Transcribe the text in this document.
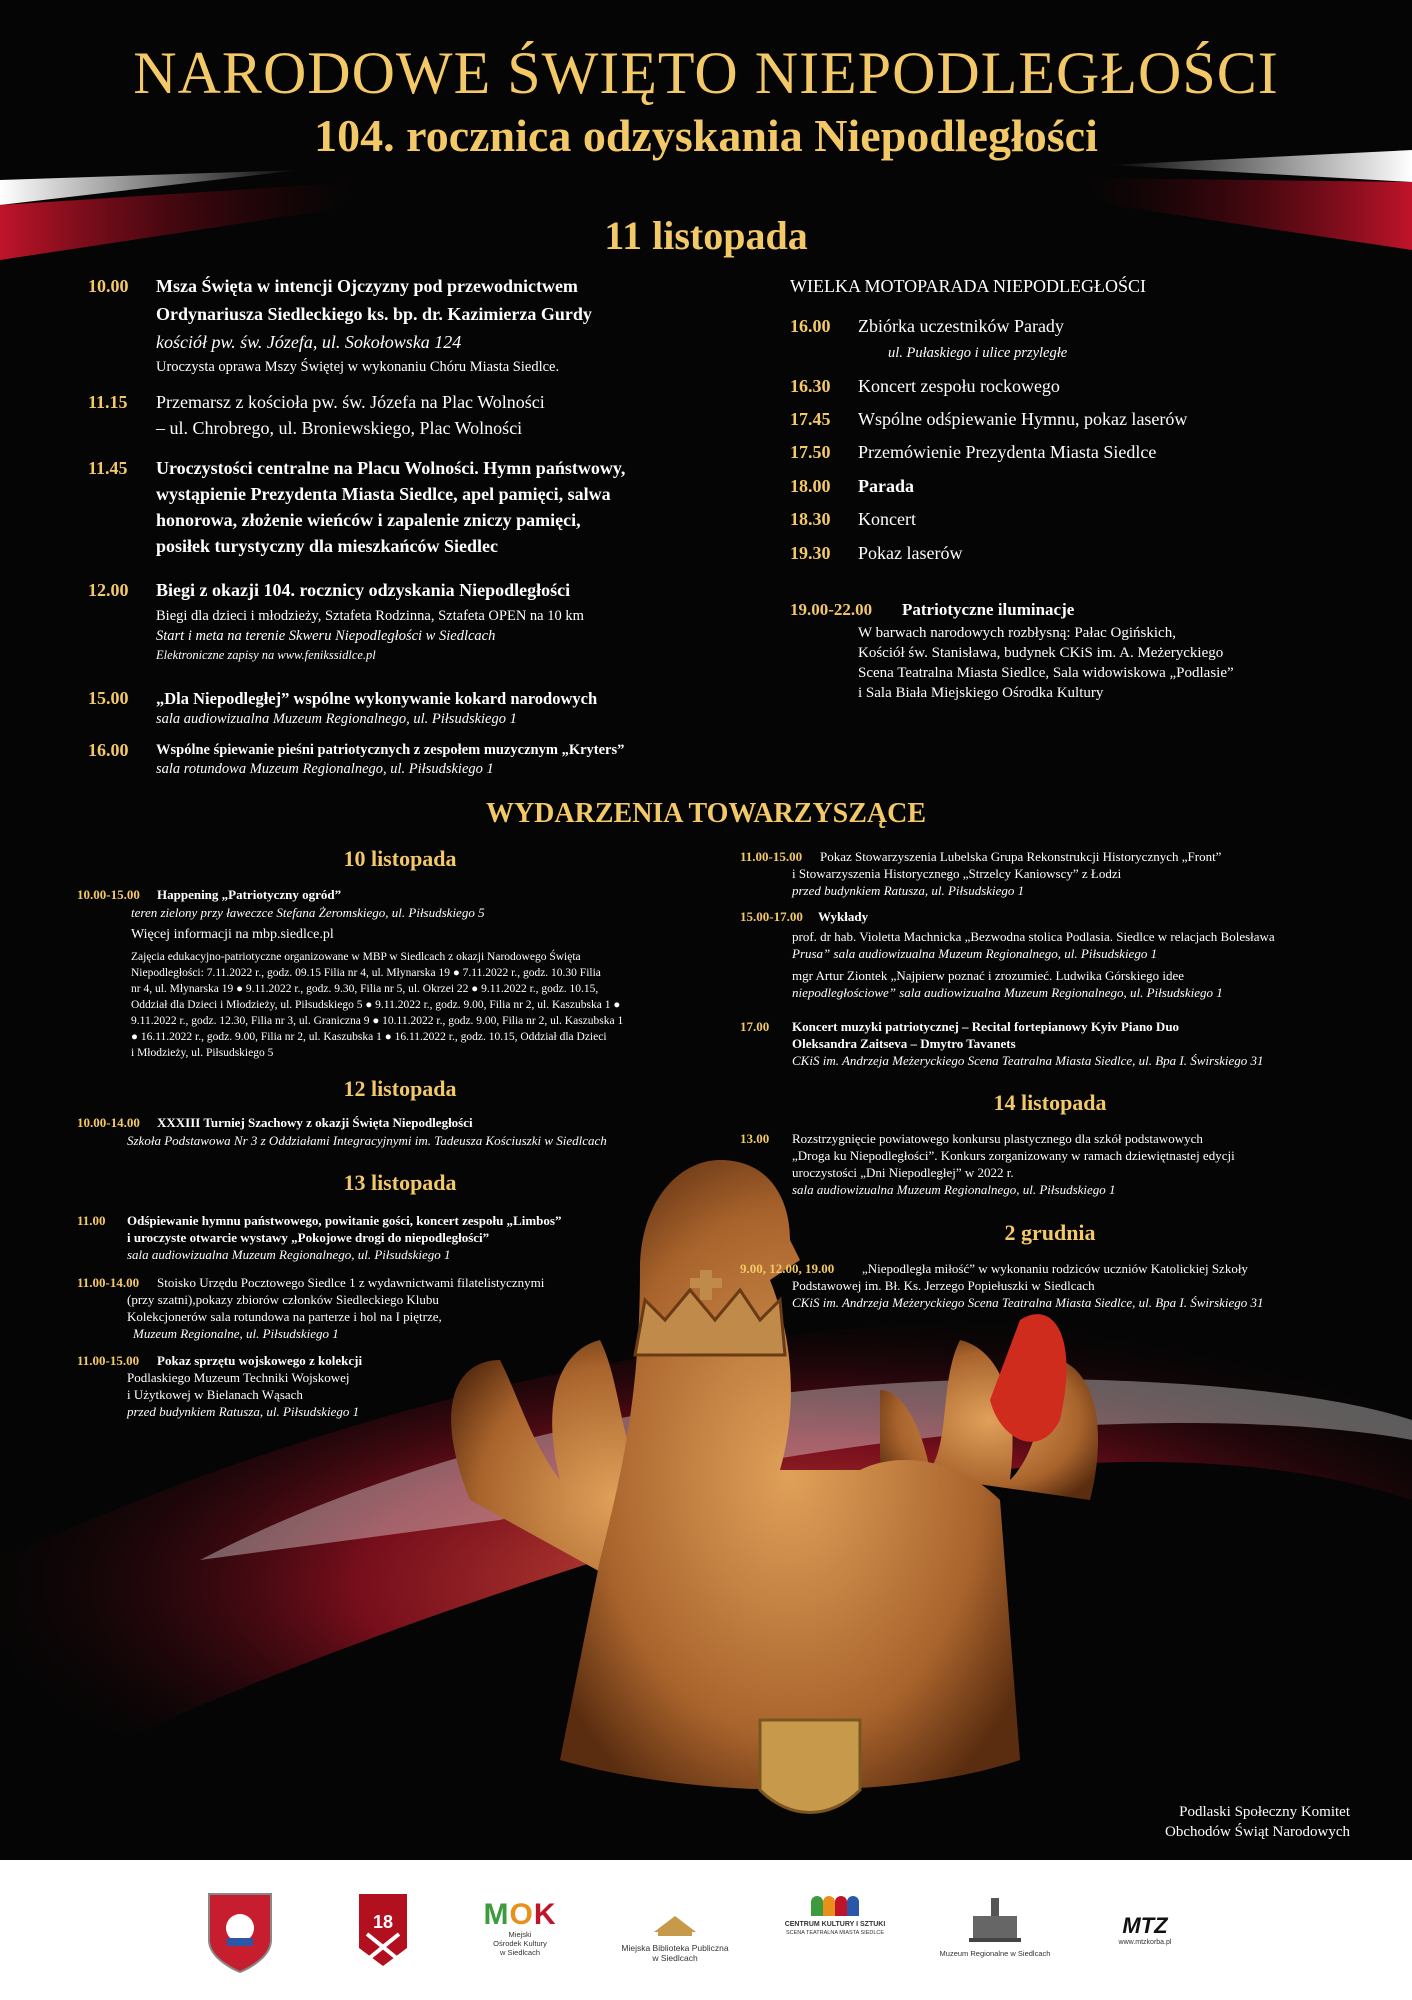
NARODOWE ŚWIĘTO NIEPODLEGŁOŚCI
104. rocznica odzyskania Niepodległości
11 listopada
10.00 Msza Święta w intencji Ojczyzny pod przewodnictwem
Ordynariusza Siedleckiego ks. bp. dr. Kazimierza Gurdy
kościół pw. św. Józefa, ul. Sokołowska 124
Uroczysta oprawa Mszy Świętej w wykonaniu Chóru Miasta Siedlce.
11.15 Przemarsz z kościoła pw. św. Józefa na Plac Wolności
– ul. Chrobrego, ul. Broniewskiego, Plac Wolności
11.45 Uroczystości centralne na Placu Wolności. Hymn państwowy,
wystąpienie Prezydenta Miasta Siedlce, apel pamięci, salwa
honorowa, złożenie wieńców i zapalenie zniczy pamięci,
posiłek turystyczny dla mieszkańców Siedlec
12.00 Biegi z okazji 104. rocznicy odzyskania Niepodległości
Biegi dla dzieci i młodzieży, Sztafeta Rodzinna, Sztafeta OPEN na 10 km
Start i meta na terenie Skweru Niepodległości w Siedlcach
Elektroniczne zapisy na www.fenikssidlce.pl
15.00 „Dla Niepodległej” wspólne wykonywanie kokard narodowych
sala audiowizualna Muzeum Regionalnego, ul. Piłsudskiego 1
16.00 Wspólne śpiewanie pieśni patriotycznych z zespołem muzycznym „Kryters”
sala rotundowa Muzeum Regionalnego, ul. Piłsudskiego 1
WIELKA MOTOPARADA NIEPODLEGŁOŚCI
16.00 Zbiórka uczestników Parady
ul. Pułaskiego i ulice przyległe
16.30 Koncert zespołu rockowego
17.45 Wspólne odśpiewanie Hymnu, pokaz laserów
17.50 Przemówienie Prezydenta Miasta Siedlce
18.00 Parada
18.30 Koncert
19.30 Pokaz laserów
19.00-22.00 Patriotyczne iluminacje
W barwach narodowych rozbłysną: Pałac Ogińskich,
Kościół św. Stanisława, budynek CKiS im. A. Meżeryckiego
Scena Teatralna Miasta Siedlce, Sala widowiskowa „Podlasie”
i Sala Biała Miejskiego Ośrodka Kultury
WYDARZENIA TOWARZYSZĄCE
10 listopada
10.00-15.00 Happening „Patriotyczny ogród”
teren zielony przy ławeczce Stefana Żeromskiego, ul. Piłsudskiego 5
Więcej informacji na mbp.siedlce.pl
Zajęcia edukacyjno-patriotyczne organizowane w MBP w Siedlcach z okazji Narodowego Święta
Niepodległości: 7.11.2022 r., godz. 09.15 Filia nr 4, ul. Młynarska 19 ● 7.11.2022 r., godz. 10.30 Filia
nr 4, ul. Młynarska 19 ● 9.11.2022 r., godz. 9.30, Filia nr 5, ul. Okrzei 22 ● 9.11.2022 r., godz. 10.15,
Oddział dla Dzieci i Młodzieży, ul. Piłsudskiego 5 ● 9.11.2022 r., godz. 9.00, Filia nr 2, ul. Kaszubska 1 ●
9.11.2022 r., godz. 12.30, Filia nr 3, ul. Graniczna 9 ● 10.11.2022 r., godz. 9.00, Filia nr 2, ul. Kaszubska 1
● 16.11.2022 r., godz. 9.00, Filia nr 2, ul. Kaszubska 1 ● 16.11.2022 r., godz. 10.15, Oddział dla Dzieci
i Młodzieży, ul. Piłsudskiego 5
12 listopada
10.00-14.00 XXXIII Turniej Szachowy z okazji Święta Niepodległości
Szkoła Podstawowa Nr 3 z Oddziałami Integracyjnymi im. Tadeusza Kościuszki w Siedlcach
13 listopada
11.00 Odśpiewanie hymnu państwowego, powitanie gości, koncert zespołu „Limbos”
i uroczyste otwarcie wystawy „Pokojowe drogi do niepodległości”
sala audiowizualna Muzeum Regionalnego, ul. Piłsudskiego 1
11.00-14.00 Stoisko Urzędu Pocztowego Siedlce 1 z wydawnictwami filatelistycznymi
(przy szatni),pokazy zbiorów członków Siedleckiego Klubu
Kolekcjonerów sala rotundowa na parterze i hol na I piętrze,
Muzeum Regionalne, ul. Piłsudskiego 1
11.00-15.00 Pokaz sprzętu wojskowego z kolekcji
Podlaskiego Muzeum Techniki Wojskowej
i Użytkowej w Bielanach Wąsach
przed budynkiem Ratusza, ul. Piłsudskiego 1
11.00-15.00 Pokaz Stowarzyszenia Lubelska Grupa Rekonstrukcji Historycznych „Front”
i Stowarzyszenia Historycznego „Strzelcy Kaniowscy” z Łodzi
przed budynkiem Ratusza, ul. Piłsudskiego 1
15.00-17.00 Wykłady
prof. dr hab. Violetta Machnicka „Bezwodna stolica Podlasia. Siedlce w relacjach Bolesława
Prusa” sala audiowizualna Muzeum Regionalnego, ul. Piłsudskiego 1
mgr Artur Ziontek „Najpierw poznać i zrozumieć. Ludwika Górskiego idee
niepodległościowe” sala audiowizualna Muzeum Regionalnego, ul. Piłsudskiego 1
17.00 Koncert muzyki patriotycznej – Recital fortepianowy Kyiv Piano Duo
Oleksandra Zaitseva – Dmytro Tavanets
CKiS im. Andrzeja Meżeryckiego Scena Teatralna Miasta Siedlce, ul. Bpa I. Świrskiego 31
14 listopada
13.00 Rozstrzygnięcie powiatowego konkursu plastycznego dla szkół podstawowych
„Droga ku Niepodległości”. Konkurs zorganizowany w ramach dziewiętnastej edycji
uroczystości „Dni Niepodległej” w 2022 r.
sala audiowizualna Muzeum Regionalnego, ul. Piłsudskiego 1
2 grudnia
9.00, 12.00, 19.00 „Niepodległa miłość” w wykonaniu rodziców uczniów Katolickiej Szkoły
Podstawowej im. Bł. Ks. Jerzego Popiełuszki w Siedlcach
CKiS im. Andrzeja Meżeryckiego Scena Teatralna Miasta Siedlce, ul. Bpa I. Świrskiego 31
Podlaski Społeczny Komitet
Obchodów Świąt Narodowych
18	MOK
Miejski
Ośrodek Kultury
w Siedlcach	Miejska Biblioteka Publiczna
w Siedlcach
CENTRUM KULTURY I SZTUKI
SCENA TEATRALNA MIASTA SIEDLCE
Muzeum Regionalne w Siedlcach
MTZ
www.mtzkorba.pl
